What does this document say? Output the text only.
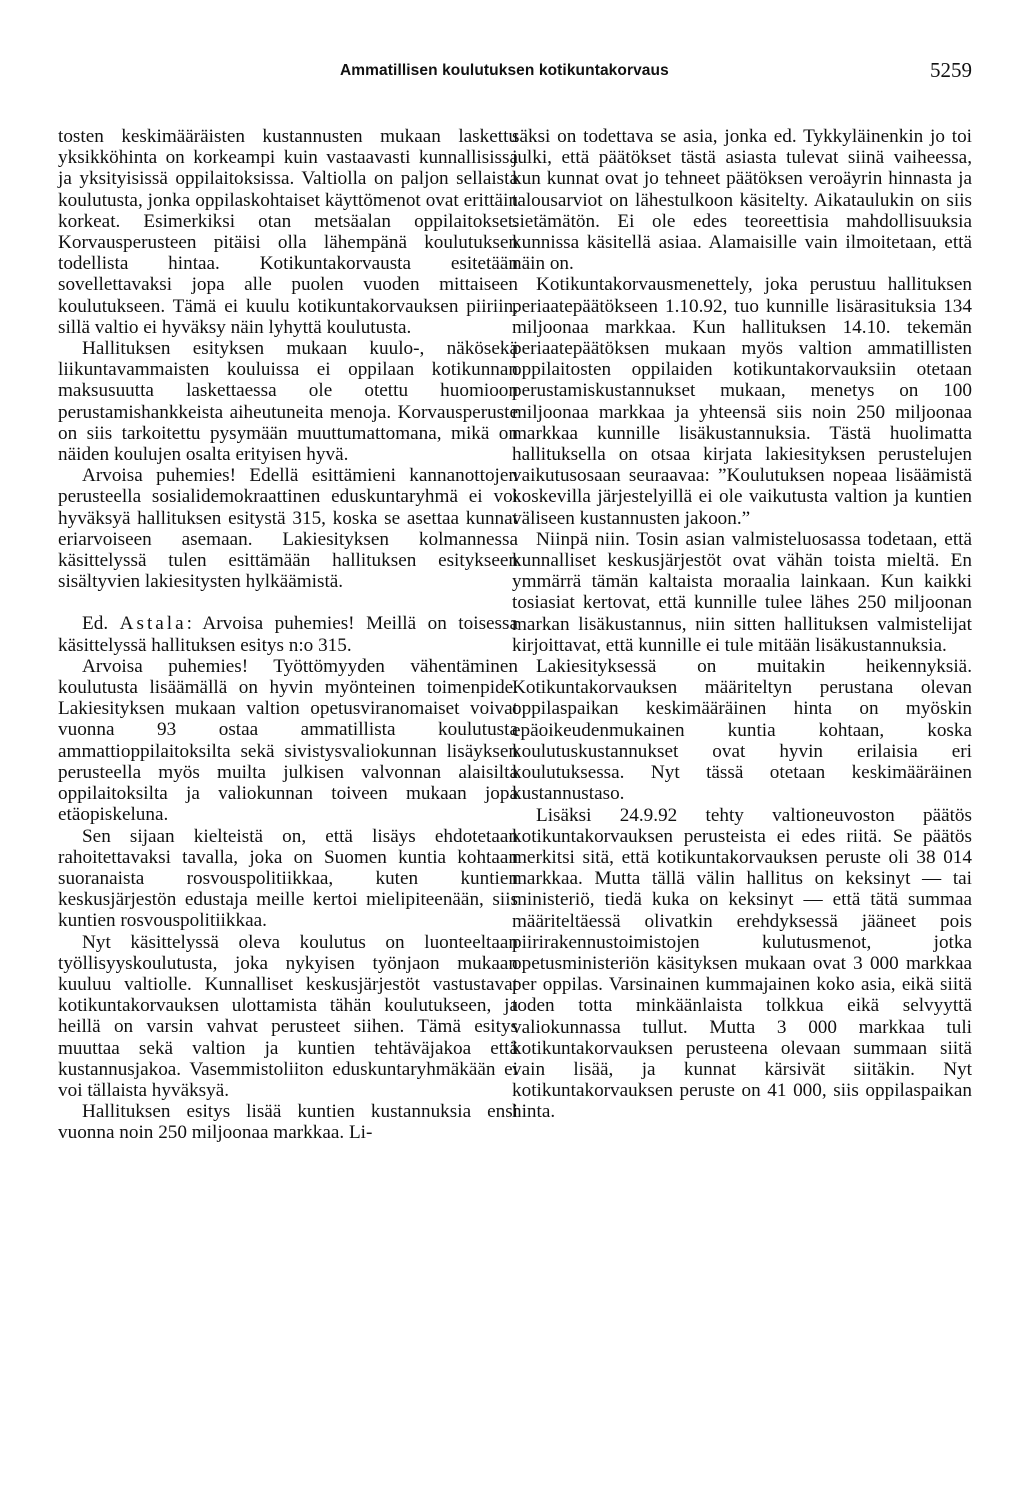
Ammatillisen koulutuksen kotikuntakorvaus	5259

tosten keskimääräisten kustannusten mukaan laskettu yksikköhinta on korkeampi kuin vastaavasti kunnallisissa ja yksityisissä oppilaitoksissa. Valtiolla on paljon sellaista koulutusta, jonka oppilaskohtaiset käyttömenot ovat erittäin korkeat. Esimerkiksi otan metsäalan oppilaitokset. Korvausperusteen pitäisi olla lähempänä koulutuksen todellista hintaa. Kotikuntakorvausta esitetään sovellettavaksi jopa alle puolen vuoden mittaiseen koulutukseen. Tämä ei kuulu kotikuntakorvauksen piiriin, sillä valtio ei hyväksy näin lyhyttä koulutusta.

Hallituksen esityksen mukaan kuulo-, näkösekä liikuntavammaisten kouluissa ei oppilaan kotikunnan maksusuutta laskettaessa ole otettu huomioon perustamishankkeista aiheutuneita menoja. Korvausperuste on siis tarkoitettu pysymään muuttumattomana, mikä on näiden koulujen osalta erityisen hyvä.

Arvoisa puhemies! Edellä esittämieni kannanottojen perusteella sosialidemokraattinen eduskuntaryhmä ei voi hyväksyä hallituksen esitystä 315, koska se asettaa kunnat eriarvoiseen asemaan. Lakiesityksen kolmannessa käsittelyssä tulen esittämään hallituksen esitykseen sisältyvien lakiesitysten hylkäämistä.

Ed. Astala: Arvoisa puhemies! Meillä on toisessa käsittelyssä hallituksen esitys n:o 315.

Arvoisa puhemies! Työttömyyden vähentäminen koulutusta lisäämällä on hyvin myönteinen toimenpide. Lakiesityksen mukaan valtion opetusviranomaiset voivat vuonna 93 ostaa ammatillista koulutusta ammattioppilaitoksilta sekä sivistysvaliokunnan lisäyksen perusteella myös muilta julkisen valvonnan alaisilta oppilaitoksilta ja valiokunnan toiveen mukaan jopa etäopiskeluna.

Sen sijaan kielteistä on, että lisäys ehdotetaan rahoitettavaksi tavalla, joka on Suomen kuntia kohtaan suoranaista rosvouspolitiikkaa, kuten kuntien keskusjärjestön edustaja meille kertoi mielipiteenään, siis kuntien rosvouspolitiikkaa.

Nyt käsittelyssä oleva koulutus on luonteeltaan työllisyyskoulutusta, joka nykyisen työnjaon mukaan kuuluu valtiolle. Kunnalliset keskusjärjestöt vastustavat kotikuntakorvauksen ulottamista tähän koulutukseen, ja heillä on varsin vahvat perusteet siihen. Tämä esitys muuttaa sekä valtion ja kuntien tehtäväjakoa että kustannusjakoa. Vasemmistoliiton eduskuntaryhmäkään ei voi tällaista hyväksyä.

Hallituksen esitys lisää kuntien kustannuksia ensi vuonna noin 250 miljoonaa markkaa. Li-

säksi on todettava se asia, jonka ed. Tykkyläinenkin jo toi julki, että päätökset tästä asiasta tulevat siinä vaiheessa, kun kunnat ovat jo tehneet päätöksen veroäyrin hinnasta ja talousarviot on lähestulkoon käsitelty. Aikataulukin on siis sietämätön. Ei ole edes teoreettisia mahdollisuuksia kunnissa käsitellä asiaa. Alamaisille vain ilmoitetaan, että näin on.

Kotikuntakorvausmenettely, joka perustuu hallituksen periaatepäätökseen 1.10.92, tuo kunnille lisärasituksia 134 miljoonaa markkaa. Kun hallituksen 14.10. tekemän periaatepäätöksen mukaan myös valtion ammatillisten oppilaitosten oppilaiden kotikuntakorvauksiin otetaan perustamiskustannukset mukaan, menetys on 100 miljoonaa markkaa ja yhteensä siis noin 250 miljoonaa markkaa kunnille lisäkustannuksia. Tästä huolimatta hallituksella on otsaa kirjata lakiesityksen perustelujen vaikutusosaan seuraavaa: ”Koulutuksen nopeaa lisäämistä koskevilla järjestelyillä ei ole vaikutusta valtion ja kuntien väliseen kustannusten jakoon.”

Niinpä niin. Tosin asian valmisteluosassa todetaan, että kunnalliset keskusjärjestöt ovat vähän toista mieltä. En ymmärrä tämän kaltaista moraalia lainkaan. Kun kaikki tosiasiat kertovat, että kunnille tulee lähes 250 miljoonan markan lisäkustannus, niin sitten hallituksen valmistelijat kirjoittavat, että kunnille ei tule mitään lisäkustannuksia.

Lakiesityksessä on muitakin heikennyksiä. Kotikuntakorvauksen määriteltyn perustana olevan oppilaspaikan keskimääräinen hinta on myöskin epäoikeudenmukainen kuntia kohtaan, koska koulutuskustannukset ovat hyvin erilaisia eri koulutuksessa. Nyt tässä otetaan keskimääräinen kustannustaso.

Lisäksi 24.9.92 tehty valtioneuvoston päätös kotikuntakorvauksen perusteista ei edes riitä. Se päätös merkitsi sitä, että kotikuntakorvauksen peruste oli 38 014 markkaa. Mutta tällä välin hallitus on keksinyt — tai ministeriö, tiedä kuka on keksinyt — että tätä summaa määriteltäessä olivatkin erehdyksessä jääneet pois piirirakennustoimistojen kulutusmenot, jotka opetusministeriön käsityksen mukaan ovat 3 000 markkaa per oppilas. Varsinainen kummajainen koko asia, eikä siitä toden totta minkäänlaista tolkkua eikä selvyyttä valiokunnassa tullut. Mutta 3 000 markkaa tuli kotikuntakorvauksen perusteena olevaan summaan siitä vain lisää, ja kunnat kärsivät siitäkin. Nyt kotikuntakorvauksen peruste on 41 000, siis oppilaspaikan hinta.
